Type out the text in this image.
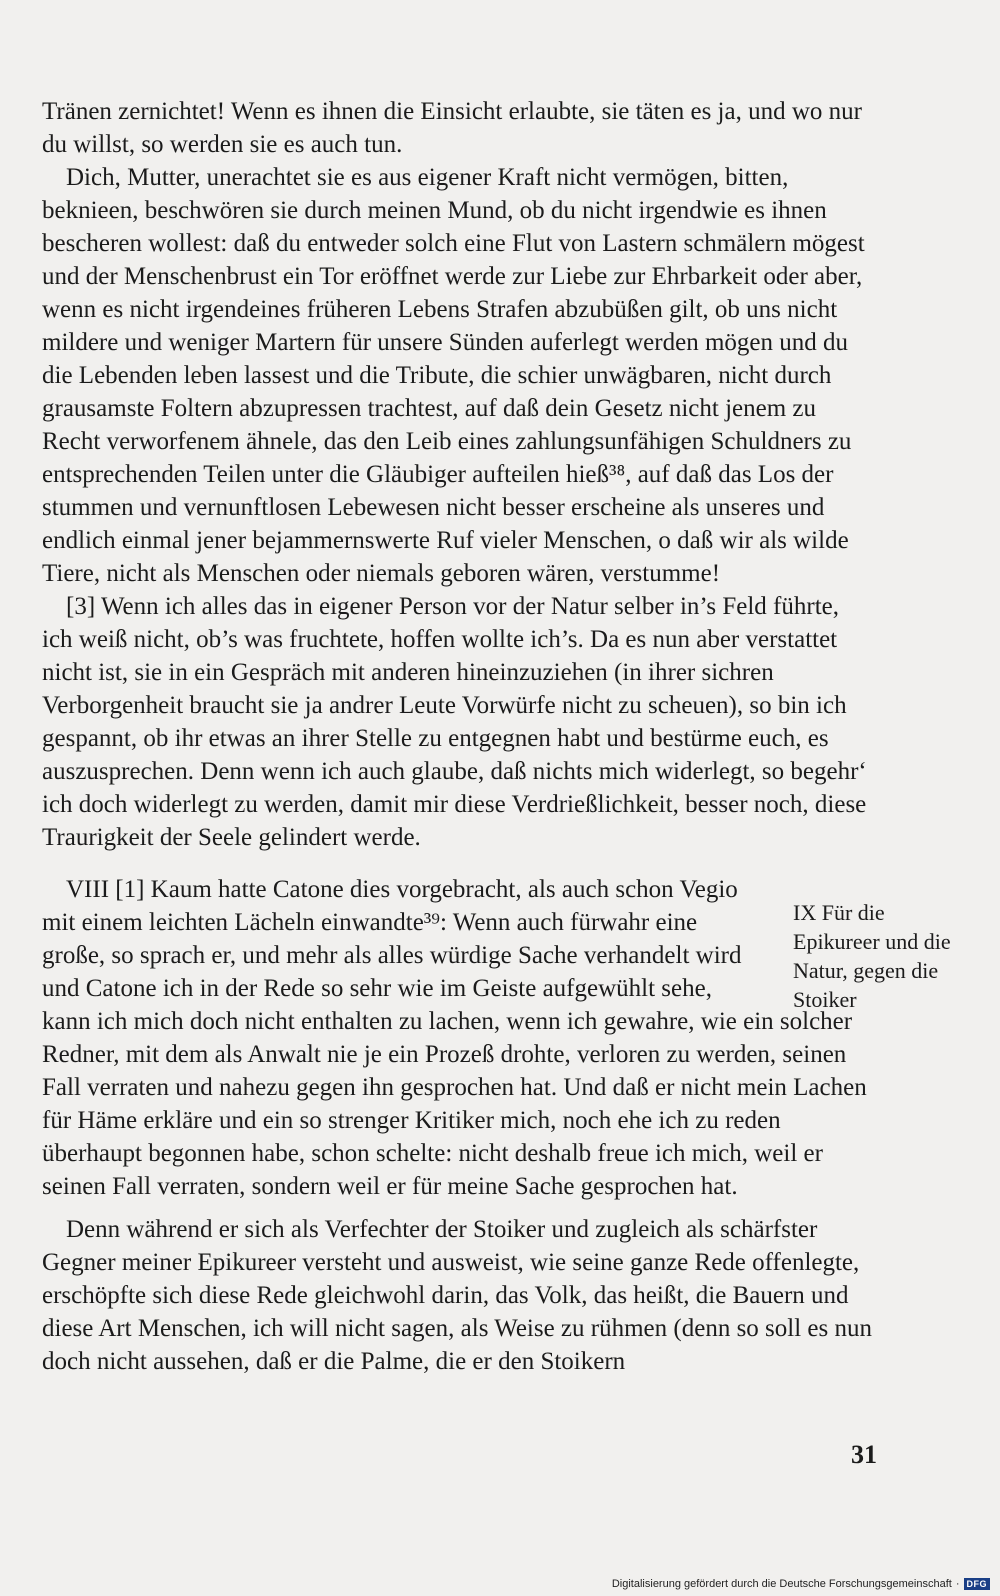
Tränen zernichtet! Wenn es ihnen die Einsicht erlaubte, sie täten es ja, und wo nur du willst, so werden sie es auch tun.

Dich, Mutter, unerachtet sie es aus eigener Kraft nicht vermögen, bitten, beknieen, beschwören sie durch meinen Mund, ob du nicht irgendwie es ihnen bescheren wollest: daß du entweder solch eine Flut von Lastern schmälern mögest und der Menschenbrust ein Tor eröffnet werde zur Liebe zur Ehrbarkeit oder aber, wenn es nicht irgendeines früheren Lebens Strafen abzubüßen gilt, ob uns nicht mildere und weniger Martern für unsere Sünden auferlegt werden mögen und du die Lebenden leben lassest und die Tribute, die schier unwägbaren, nicht durch grausamste Foltern abzupressen trachtest, auf daß dein Gesetz nicht jenem zu Recht verworfenem ähnele, das den Leib eines zahlungsunfähigen Schuldners zu entsprechenden Teilen unter die Gläubiger aufteilen hieß³⁸, auf daß das Los der stummen und vernunftlosen Lebewesen nicht besser erscheine als unseres und endlich einmal jener bejammernswerte Ruf vieler Menschen, o daß wir als wilde Tiere, nicht als Menschen oder niemals geboren wären, verstumme!

[3] Wenn ich alles das in eigener Person vor der Natur selber in’s Feld führte, ich weiß nicht, ob’s was fruchtete, hoffen wollte ich’s. Da es nun aber verstattet nicht ist, sie in ein Gespräch mit anderen hineinzuziehen (in ihrer sichren Verborgenheit braucht sie ja andrer Leute Vorwürfe nicht zu scheuen), so bin ich gespannt, ob ihr etwas an ihrer Stelle zu entgegnen habt und bestürme euch, es auszusprechen. Denn wenn ich auch glaube, daß nichts mich widerlegt, so begehr‘ ich doch widerlegt zu werden, damit mir diese Verdrießlichkeit, besser noch, diese Traurigkeit der Seele gelindert werde.

VIII [1] Kaum hatte Catone dies vorgebracht, als auch schon Vegio mit einem leichten Lächeln einwandte³⁹: Wenn auch fürwahr eine große, so sprach er, und mehr als alles würdige Sache verhandelt wird und Catone ich in der Rede so sehr wie im Geiste aufgewühlt sehe, kann ich mich doch nicht enthalten zu lachen, wenn ich gewahre, wie ein solcher Redner, mit dem als Anwalt nie je ein Prozeß drohte, verloren zu werden, seinen Fall verraten und nahezu gegen ihn gesprochen hat. Und daß er nicht mein Lachen für Häme erkläre und ein so strenger Kritiker mich, noch ehe ich zu reden überhaupt begonnen habe, schon schelte: nicht deshalb freue ich mich, weil er seinen Fall verraten, sondern weil er für meine Sache gesprochen hat.

Denn während er sich als Verfechter der Stoiker und zugleich als schärfster Gegner meiner Epikureer versteht und ausweist, wie seine ganze Rede offenlegte, erschöpfte sich diese Rede gleichwohl darin, das Volk, das heißt, die Bauern und diese Art Menschen, ich will nicht sagen, als Weise zu rühmen (denn so soll es nun doch nicht aussehen, daß er die Palme, die er den Stoikern

IX Für die Epikureer und die Natur, gegen die Stoiker
31
Digitalisierung gefördert durch die Deutsche Forschungsgemeinschaft · DFG
